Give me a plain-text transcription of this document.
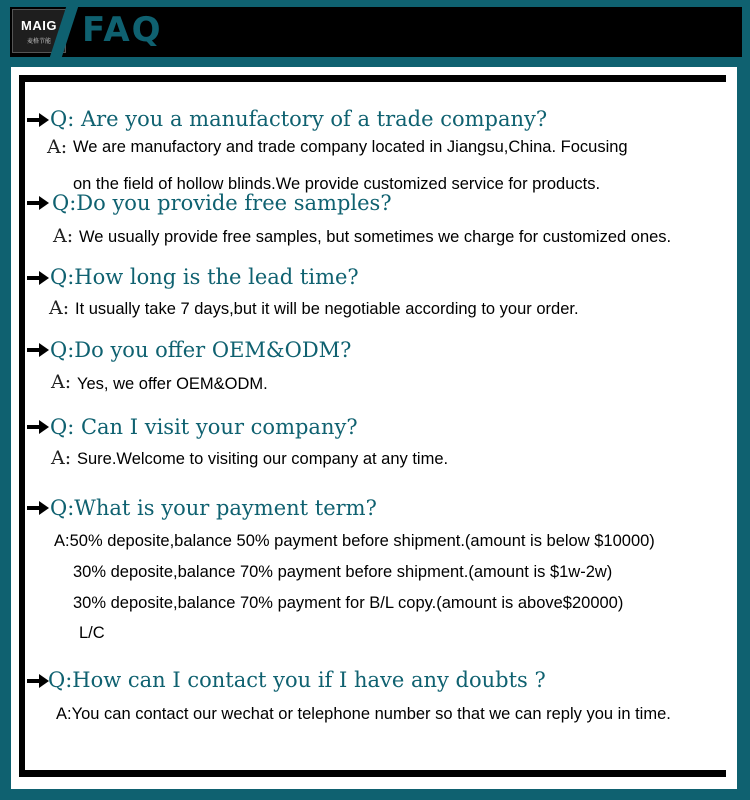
MAIG
麦格节能 FAQ
Q: Are you a manufactory of a trade company?
A: We are manufactory and trade company located in Jiangsu,China. Focusing
on the field of hollow blinds.We provide customized service for products.
Q:Do you provide free samples?
A: We usually provide free samples, but sometimes we charge for customized ones.
Q:How long is the lead time?
A: It usually take 7 days,but it will be negotiable according to your order.
Q:Do you offer OEM&ODM?
A: Yes, we offer OEM&ODM.
Q: Can I visit your company?
A: Sure.Welcome to visiting our company at any time.
Q:What is your payment term?
A:50% deposite,balance 50% payment before shipment.(amount is below $10000)
30% deposite,balance 70% payment before shipment.(amount is $1w-2w)
30% deposite,balance 70% payment for B/L copy.(amount is above$20000)
L/C
Q:How can I contact you if I have any doubts ?
A:You can contact our wechat or telephone number so that we can reply you in time.
